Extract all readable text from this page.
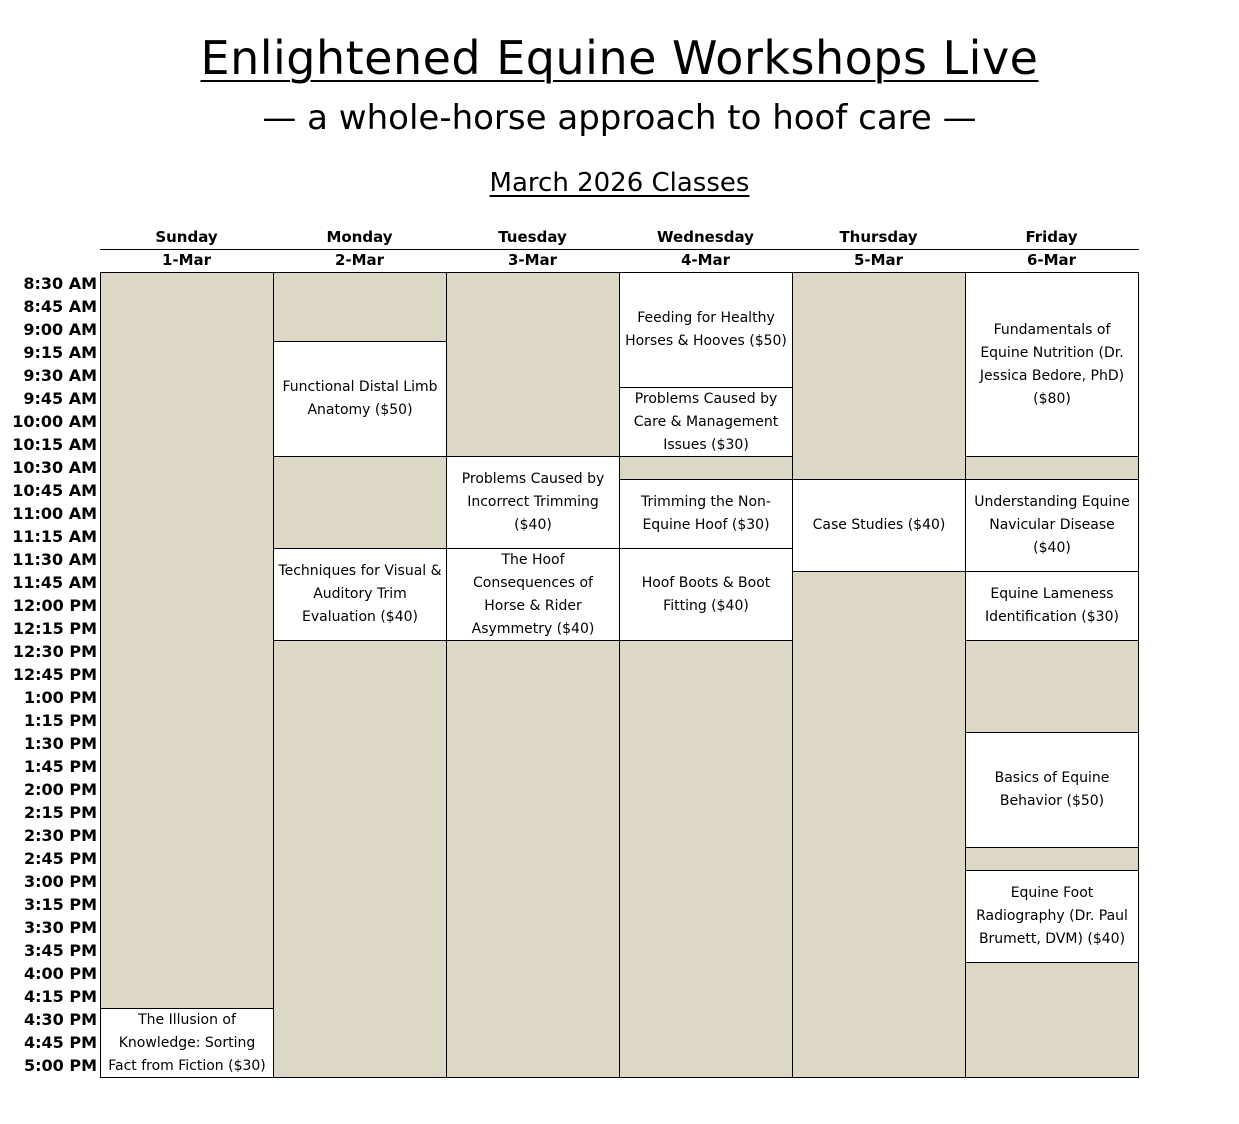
Enlightened Equine Workshops Live
— a whole-horse approach to hoof care —
March 2026 Classes
Sunday
1-Mar
Monday
2-Mar
Tuesday
3-Mar
Wednesday
4-Mar
Thursday
5-Mar
Friday
6-Mar
8:30 AM
8:45 AM
9:00 AM
9:15 AM
9:30 AM
9:45 AM
10:00 AM
10:15 AM
10:30 AM
10:45 AM
11:00 AM
11:15 AM
11:30 AM
11:45 AM
12:00 PM
12:15 PM
12:30 PM
12:45 PM
1:00 PM
1:15 PM
1:30 PM
1:45 PM
2:00 PM
2:15 PM
2:30 PM
2:45 PM
3:00 PM
3:15 PM
3:30 PM
3:45 PM
4:00 PM
4:15 PM
4:30 PM
4:45 PM
5:00 PM
The Illusion of Knowledge: Sorting Fact from Fiction ($30)
Functional Distal Limb Anatomy ($50)
Techniques for Visual & Auditory Trim Evaluation ($40)
Problems Caused by Incorrect Trimming ($40)
The Hoof Consequences of Horse & Rider Asymmetry ($40)
Feeding for Healthy Horses & Hooves ($50)
Problems Caused by Care & Management Issues ($30)
Trimming the Non-Equine Hoof ($30)
Hoof Boots & Boot Fitting ($40)
Case Studies ($40)
Fundamentals of Equine Nutrition (Dr. Jessica Bedore, PhD) ($80)
Understanding Equine Navicular Disease ($40)
Equine Lameness Identification ($30)
Basics of Equine Behavior ($50)
Equine Foot Radiography (Dr. Paul Brumett, DVM) ($40)
